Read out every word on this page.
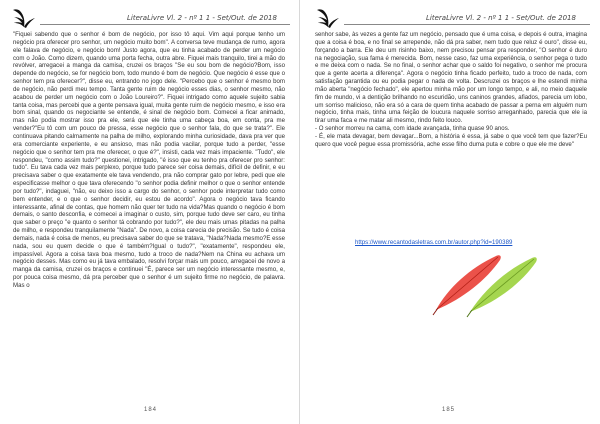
LiteraLivre Vl. 2 - nº 1 1 - Set/Out. de 2018

"Fiquei sabendo que o senhor é bom de negócio, por isso tô aqui. Vim aqui porque tenho um negócio pra oferecer pro senhor, um negócio muito bom". A conversa teve mudança de rumo, agora ele falava de negócio, e negócio bom! Justo agora, que eu tinha acabado de perder um negócio com o João. Como dizem, quando uma porta fecha, outra abre. Fiquei mais tranquilo, tirei a mão do revólver, arregacei a manga da camisa, cruzei os braços "Se eu sou bom de negócio?Bom, isso depende do negócio, se for negócio bom, todo mundo é bom de negócio. Que negócio é esse que o senhor tem pra oferecer?", disse eu, entrando no jogo dele. "Percebo que o senhor é mesmo bom de negócio, não perdi meu tempo. Tanta gente ruim de negócio esses dias, o senhor mesmo, não acabou de perder um negócio com o João Loureiro?". Fiquei intrigado como aquele sujeito sabia tanta coisa, mas percebi que a gente pensava igual, muita gente ruim de negócio mesmo, e isso era bom sinal, quando os negociante se entende, é sinal de negócio bom. Comecei a ficar animado, mas não podia mostrar isso pra ele, será que ele tinha uma cabeça boa, em conta, pra me vender?"Eu tô com um pouco de pressa, esse negócio que o senhor fala, do que se trata?". Ele continuava pitando calmamente na palha de milho, explorando minha curiosidade, dava pra ver que era comerciante experiente, e eu ansioso, mas não podia vacilar, porque tudo a perder, "esse negócio que o senhor tem pra me oferecer, o que é?", insisti, cada vez mais impaciente. "Tudo", ele respondeu, "como assim tudo?" questionei, intrigado, "é isso que eu tenho pra oferecer pro senhor: tudo". Eu tava cada vez mais perplexo, porque tudo parece ser coisa demais, difícil de definir, e eu precisava saber o que exatamente ele tava vendendo, pra não comprar gato por lebre, pedi que ele especificasse melhor o que tava oferecendo "o senhor podia definir melhor o que o senhor entende por tudo?", indaguei, "não, eu deixo isso a cargo do senhor, o senhor pode interpretar tudo como bem entender, e o que o senhor decidir, eu estou de acordo". Agora o negócio tava ficando interessante, afinal de contas, que homem não quer ter tudo na vida?Mas quando o negócio é bom demais, o santo desconfia, e comecei a imaginar o custo, sim, porque tudo deve ser caro, eu tinha que saber o preço "e quanto o senhor tá cobrando por tudo?", ele deu mais umas pitadas na palha de milho, e respondeu tranquilamente "Nada". De novo, a coisa carecia de precisão. Se tudo é coisa demais, nada é coisa de menos, eu precisava saber do que se tratava, "Nada?Nada mesmo?E esse nada, sou eu quem decide o que é também?Igual o tudo?", "exatamente", respondeu ele, impassível. Agora a coisa tava boa mesmo, tudo a troco de nada?Nem na China eu achava um negócio desses. Mas como eu já tava embalado, resolvi forçar mais um pouco, arregacei de novo a manga da camisa, cruzei os braços e continuei "É, parece ser um negócio interessante mesmo, e, por pouca coisa mesmo, dá pra perceber que o senhor é um sujeito firme no negócio, de palavra. Mas o

184
LiteraLivre Vl. 2 - nº 1 1 - Set/Out. de 2018

senhor sabe, às vezes a gente faz um negócio, pensado que é uma coisa, e depois é outra, imagina que a coisa é boa, e no final se arrepende, não dá pra saber, nem tudo que reluz é ouro", disse eu, forçando a barra. Ele deu um risinho baixo, nem precisou pensar pra responder, "O senhor é duro na negociação, sua fama é merecida. Bom, nesse caso, faz uma experiência, o senhor pega o tudo e me deixa com o nada. Se no final, o senhor achar que o saldo foi negativo, o senhor me procura que a gente acerta a diferença". Agora o negócio tinha ficado perfeito, tudo a troco de nada, com satisfação garantida ou eu podia pegar o nada de volta. Descruzei os braços e lhe estendi minha mão aberta "negócio fechado", ele apertou minha mão por um longo tempo, e ali, no meio daquele fim de mundo, vi a dentição brilhando no escuridão, uns caninos grandes, afiados, parecia um lobo, um sorriso malicioso, não era só a cara de quem tinha acabado de passar a perna em alguém num negócio, tinha mais, tinha uma feição de loucura naquele sorriso arreganhado, parecia que ele ia tirar uma faca e me matar ali mesmo, rindo feito louco.

- O senhor morreu na cama, com idade avançada, tinha quase 90 anos.

- É, ele mata devagar, bem devagar...Bom, a história é essa, já sabe o que você tem que fazer?Eu quero que você pegue essa promissória, ache esse filho duma puta e cobre o que ele me deve"

https://www.recantodasletras.com.br/autor.php?id=190389
185
